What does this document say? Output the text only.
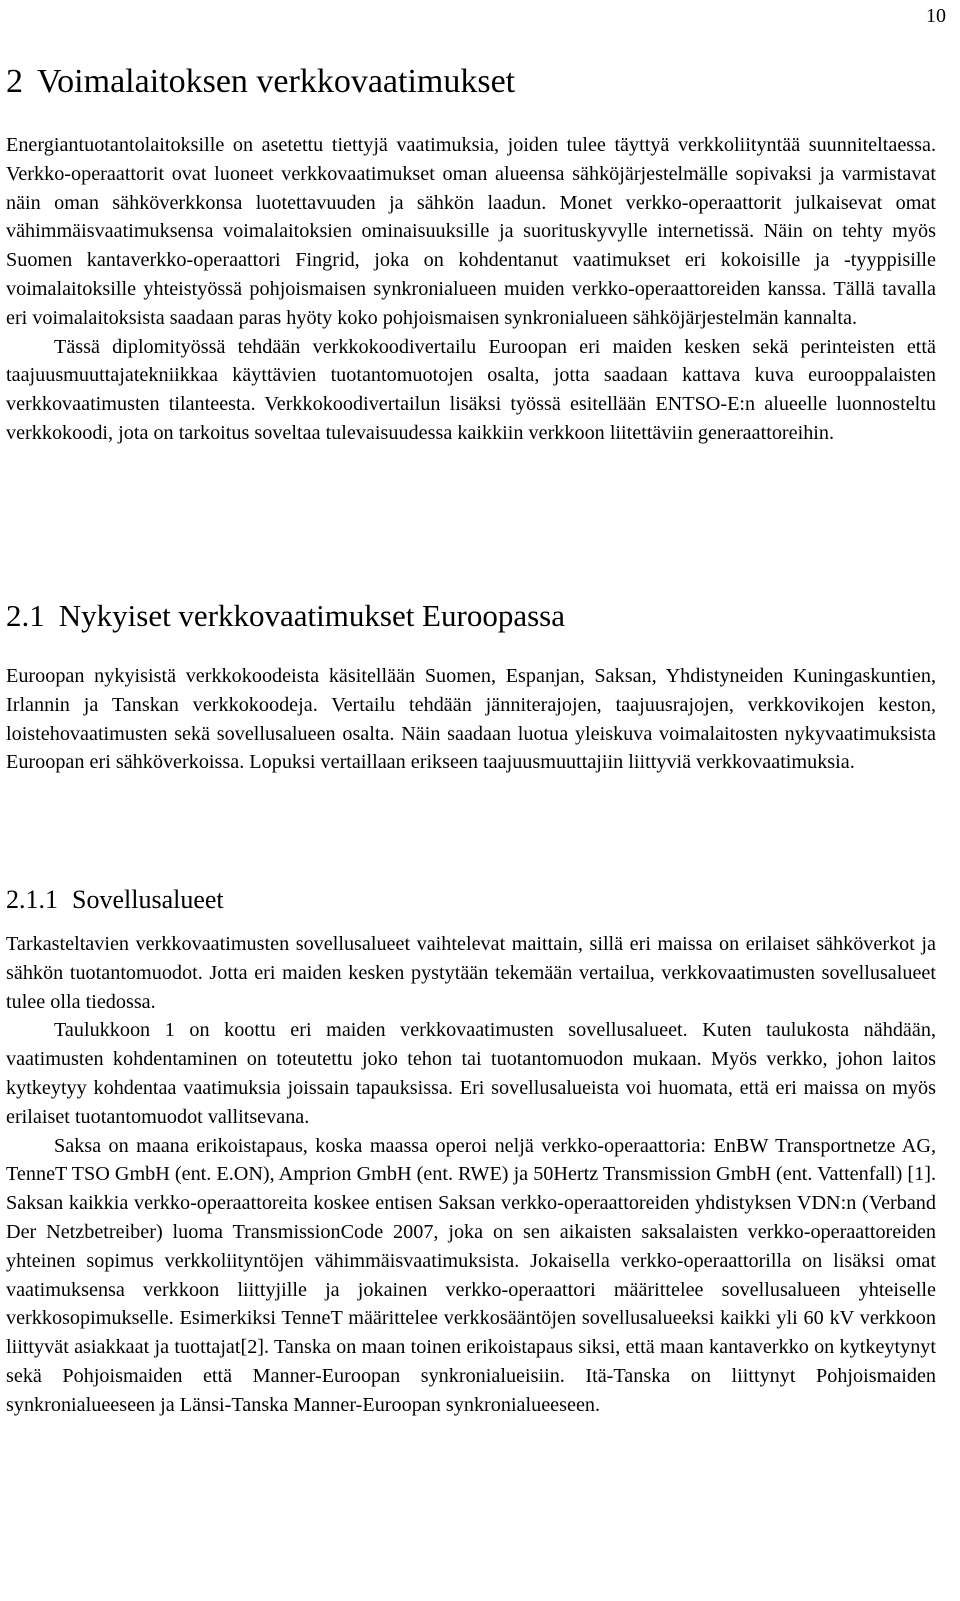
10
2 Voimalaitoksen verkkovaatimukset

Energiantuotantolaitoksille on asetettu tiettyjä vaatimuksia, joiden tulee täyttyä verkkoliityntää suunniteltaessa. Verkko-operaattorit ovat luoneet verkkovaatimukset oman alueensa sähköjärjestelmälle sopivaksi ja varmistavat näin oman sähköverkkonsa luotettavuuden ja sähkön laadun. Monet verkko-operaattorit julkaisevat omat vähimmäisvaatimuksensa voimalaitoksien ominaisuuksille ja suorituskyvylle internetissä. Näin on tehty myös Suomen kantaverkko-operaattori Fingrid, joka on kohdentanut vaatimukset eri kokoisille ja -tyyppisille voimalaitoksille yhteistyössä pohjoismaisen synkronialueen muiden verkko-operaattoreiden kanssa. Tällä tavalla eri voimalaitoksista saadaan paras hyöty koko pohjoismaisen synkronialueen sähköjärjestelmän kannalta.

Tässä diplomityössä tehdään verkkokoodivertailu Euroopan eri maiden kesken sekä perinteisten että taajuusmuuttajatekniikkaa käyttävien tuotantomuotojen osalta, jotta saadaan kattava kuva eurooppalaisten verkkovaatimusten tilanteesta. Verkkokoodivertailun lisäksi työssä esitellään ENTSO-E:n alueelle luonnosteltu verkkokoodi, jota on tarkoitus soveltaa tulevaisuudessa kaikkiin verkkoon liitettäviin generaattoreihin.

2.1 Nykyiset verkkovaatimukset Euroopassa

Euroopan nykyisistä verkkokoodeista käsitellään Suomen, Espanjan, Saksan, Yhdistyneiden Kuningaskuntien, Irlannin ja Tanskan verkkokoodeja. Vertailu tehdään jänniterajojen, taajuusrajojen, verkkovikojen keston, loistehovaatimusten sekä sovellusalueen osalta. Näin saadaan luotua yleiskuva voimalaitosten nykyvaatimuksista Euroopan eri sähköverkoissa. Lopuksi vertaillaan erikseen taajuusmuuttajiin liittyviä verkkovaatimuksia.

2.1.1 Sovellusalueet

Tarkasteltavien verkkovaatimusten sovellusalueet vaihtelevat maittain, sillä eri maissa on erilaiset sähköverkot ja sähkön tuotantomuodot. Jotta eri maiden kesken pystytään tekemään vertailua, verkkovaatimusten sovellusalueet tulee olla tiedossa.

Taulukkoon 1 on koottu eri maiden verkkovaatimusten sovellusalueet. Kuten taulukosta nähdään, vaatimusten kohdentaminen on toteutettu joko tehon tai tuotantomuodon mukaan. Myös verkko, johon laitos kytkeytyy kohdentaa vaatimuksia joissain tapauksissa. Eri sovellusalueista voi huomata, että eri maissa on myös erilaiset tuotantomuodot vallitsevana.

Saksa on maana erikoistapaus, koska maassa operoi neljä verkko-operaattoria: EnBW Transportnetze AG, TenneT TSO GmbH (ent. E.ON), Amprion GmbH (ent. RWE) ja 50Hertz Transmission GmbH (ent. Vattenfall) [1]. Saksan kaikkia verkko-operaattoreita koskee entisen Saksan verkko-operaattoreiden yhdistyksen VDN:n (Verband Der Netzbetreiber) luoma TransmissionCode 2007, joka on sen aikaisten saksalaisten verkko-operaattoreiden yhteinen sopimus verkkoliityntöjen vähimmäisvaatimuksista. Jokaisella verkko-operaattorilla on lisäksi omat vaatimuksensa verkkoon liittyjille ja jokainen verkko-operaattori määrittelee sovellusalueen yhteiselle verkkosopimukselle. Esimerkiksi TenneT määrittelee verkkosääntöjen sovellusalueeksi kaikki yli 60 kV verkkoon liittyvät asiakkaat ja tuottajat[2]. Tanska on maan toinen erikoistapaus siksi, että maan kantaverkko on kytkeytynyt sekä Pohjoismaiden että Manner-Euroopan synkronialueisiin. Itä-Tanska on liittynyt Pohjoismaiden synkronialueeseen ja Länsi-Tanska Manner-Euroopan synkronialueeseen.
